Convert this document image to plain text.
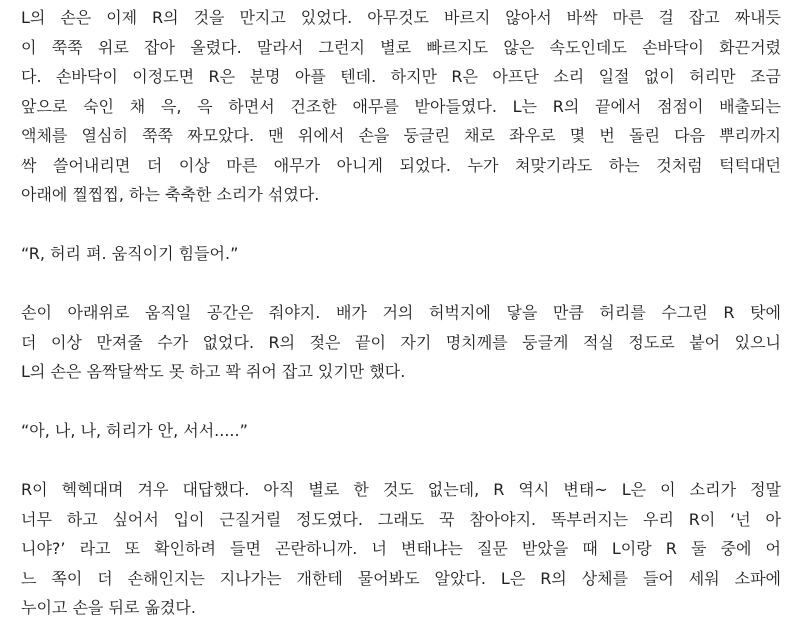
L의 손은 이제 R의 것을 만지고 있었다. 아무것도 바르지 않아서 바싹 마른 걸 잡고 짜내듯
이 쭉쭉 위로 잡아 올렸다. 말라서 그런지 별로 빠르지도 않은 속도인데도 손바닥이 화끈거렸
다. 손바닥이 이정도면 R은 분명 아플 텐데. 하지만 R은 아프단 소리 일절 없이 허리만 조금
앞으로 숙인 채 윽, 윽 하면서 건조한 애무를 받아들였다. L는 R의 끝에서 점점이 배출되는
액체를 열심히 쭉쭉 짜모았다. 맨 위에서 손을 둥글린 채로 좌우로 몇 번 돌린 다음 뿌리까지
싹 쓸어내리면 더 이상 마른 애무가 아니게 되었다. 누가 쳐맞기라도 하는 것처럼 턱턱대던
아래에 찔찝찝, 하는 축축한 소리가 섞였다.
“R, 허리 펴. 움직이기 힘들어.”
손이 아래위로 움직일 공간은 줘야지. 배가 거의 허벅지에 닿을 만큼 허리를 수그린 R 탓에
더 이상 만져줄 수가 없었다. R의 젖은 끝이 자기 명치께를 둥글게 적실 정도로 붙어 있으니
L의 손은 옴짝달싹도 못 하고 꽉 쥐어 잡고 있기만 했다.
“아, 나, 나, 허리가 안, 서서.....”
R이 헥헥대며 겨우 대답했다. 아직 별로 한 것도 없는데, R 역시 변태~ L은 이 소리가 정말
너무 하고 싶어서 입이 근질거릴 정도였다. 그래도 꾹 참아야지. 똑부러지는 우리 R이 ‘넌 아
니야?’ 라고 또 확인하려 들면 곤란하니까. 너 변태냐는 질문 받았을 때 L이랑 R 둘 중에 어
느 쪽이 더 손해인지는 지나가는 개한테 물어봐도 알았다. L은 R의 상체를 들어 세워 소파에
누이고 손을 뒤로 옮겼다.
